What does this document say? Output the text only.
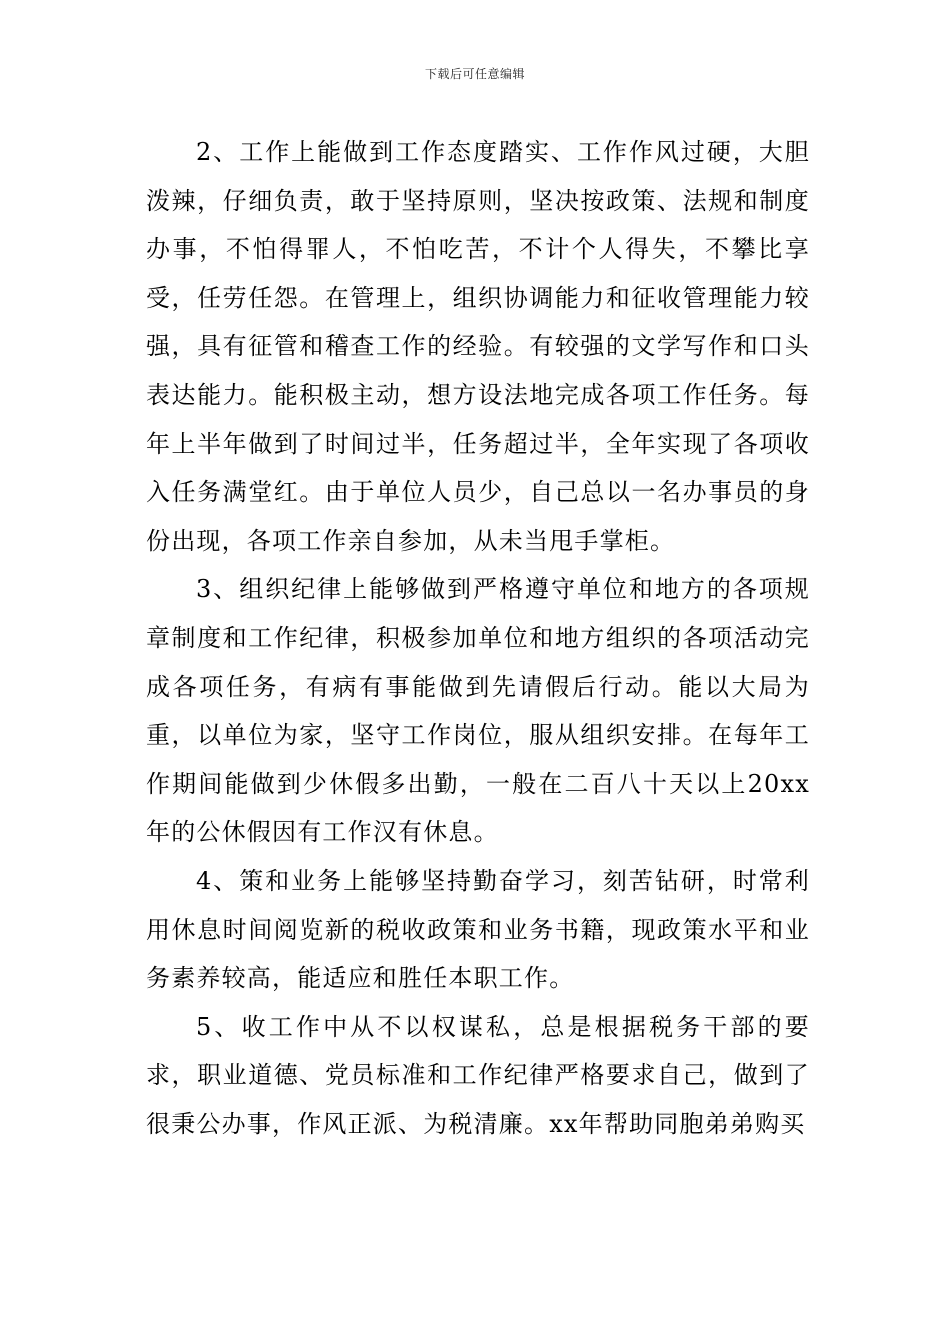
下载后可任意编辑

2、工作上能做到工作态度踏实、工作作风过硬，大胆泼辣，仔细负责，敢于坚持原则，坚决按政策、法规和制度办事，不怕得罪人，不怕吃苦，不计个人得失，不攀比享受，任劳任怨。在管理上，组织协调能力和征收管理能力较强，具有征管和稽查工作的经验。有较强的文学写作和口头表达能力。能积极主动，想方设法地完成各项工作任务。每年上半年做到了时间过半，任务超过半，全年实现了各项收入任务满堂红。由于单位人员少，自己总以一名办事员的身份出现，各项工作亲自参加，从未当甩手掌柜。

3、组织纪律上能够做到严格遵守单位和地方的各项规章制度和工作纪律，积极参加单位和地方组织的各项活动完成各项任务，有病有事能做到先请假后行动。能以大局为重，以单位为家，坚守工作岗位，服从组织安排。在每年工作期间能做到少休假多出勤，一般在二百八十天以上20xx年的公休假因有工作汉有休息。

4、策和业务上能够坚持勤奋学习，刻苦钻研，时常利用休息时间阅览新的税收政策和业务书籍，现政策水平和业务素养较高，能适应和胜任本职工作。

5、收工作中从不以权谋私，总是根据税务干部的要求，职业道德、党员标准和工作纪律严格要求自己，做到了很秉公办事，作风正派、为税清廉。xx年帮助同胞弟弟购买
